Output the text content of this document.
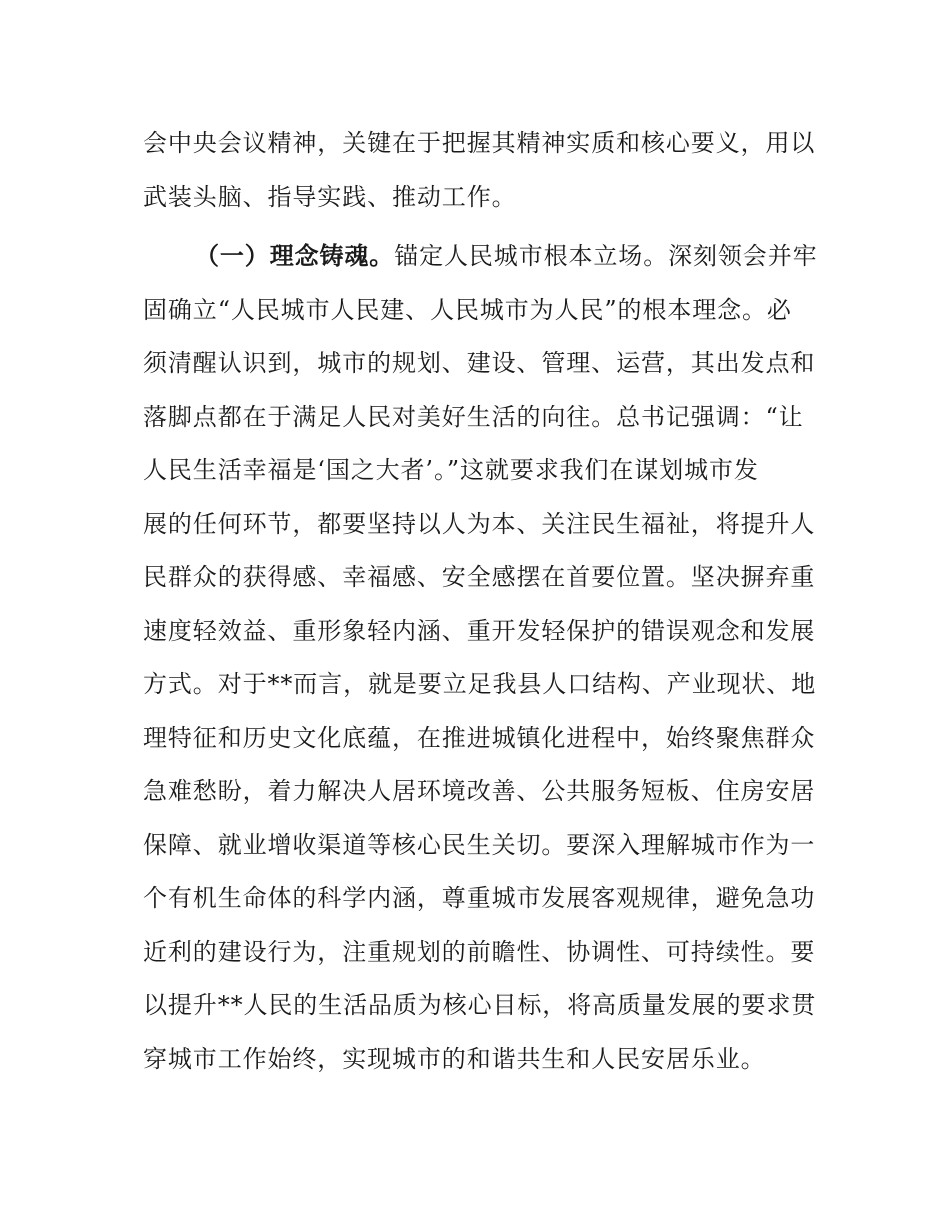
会中央会议精神，关键在于把握其精神实质和核心要义，用以
武装头脑、指导实践、推动工作。
（一）理念铸魂。锚定人民城市根本立场。深刻领会并牢
固确立“人民城市人民建、人民城市为人民”的根本理念。必
须清醒认识到，城市的规划、建设、管理、运营，其出发点和
落脚点都在于满足人民对美好生活的向往。总书记强调：“让
人民生活幸福是‘国之大者’。”这就要求我们在谋划城市发
展的任何环节，都要坚持以人为本、关注民生福祉，将提升人
民群众的获得感、幸福感、安全感摆在首要位置。坚决摒弃重
速度轻效益、重形象轻内涵、重开发轻保护的错误观念和发展
方式。对于**而言，就是要立足我县人口结构、产业现状、地
理特征和历史文化底蕴，在推进城镇化进程中，始终聚焦群众
急难愁盼，着力解决人居环境改善、公共服务短板、住房安居
保障、就业增收渠道等核心民生关切。要深入理解城市作为一
个有机生命体的科学内涵，尊重城市发展客观规律，避免急功
近利的建设行为，注重规划的前瞻性、协调性、可持续性。要
以提升**人民的生活品质为核心目标，将高质量发展的要求贯
穿城市工作始终，实现城市的和谐共生和人民安居乐业。
